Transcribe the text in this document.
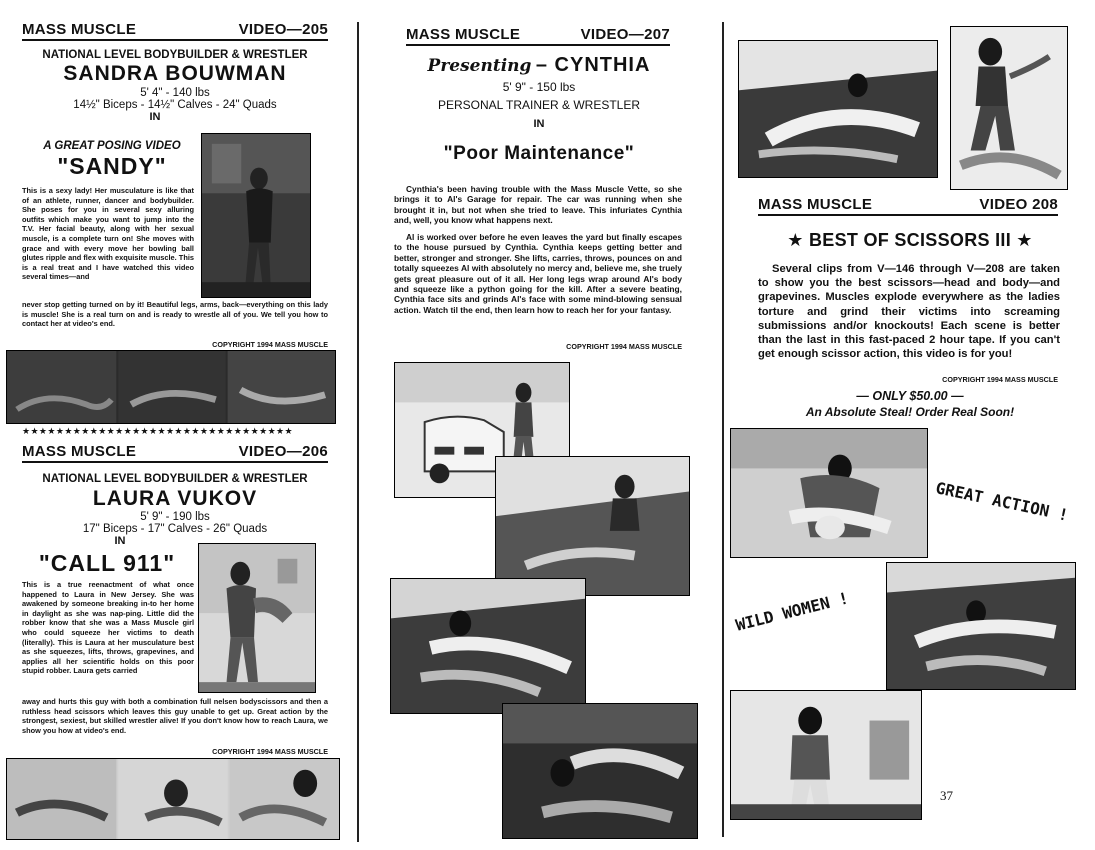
MASS MUSCLE	VIDEO—205
NATIONAL LEVEL BODYBUILDER & WRESTLER
SANDRA BOUWMAN
5' 4" - 140 lbs
14½" Biceps - 14½" Calves - 24" Quads
IN
A GREAT POSING VIDEO
"SANDY"
This is a sexy lady! Her musculature is like that of an athlete, runner, dancer and bodybuilder. She poses for you in several sexy alluring outfits which make you want to jump into the T.V. Her facial beauty, along with her sexual muscle, is a complete turn on! She moves with grace and with every move her bowling ball glutes ripple and flex with exquisite muscle. This is a real treat and I have watched this video several times—and
never stop getting turned on by it! Beautiful legs, arms, back—everything on this lady is muscle! She is a real turn on and is ready to wrestle all of you. We tell you how to contact her at video's end.
COPYRIGHT 1994 MASS MUSCLE
★★★★★★★★★★★★★★★★★★★★★★★★★★★★★★★★
MASS MUSCLE	VIDEO—206
NATIONAL LEVEL BODYBUILDER & WRESTLER
LAURA VUKOV
5' 9" - 190 lbs
17" Biceps - 17" Calves - 26" Quads
IN
"CALL 911"
This is a true reenactment of what once happened to Laura in New Jersey. She was awakened by someone breaking in-to her home in daylight as she was nap-ping. Little did the robber know that she was a Mass Muscle girl who could squeeze her victims to death (literally). This is Laura at her musculature best as she squeezes, lifts, throws, grapevines, and applies all her scientific holds on this poor stupid robber. Laura gets carried
away and hurts this guy with both a combination full nelsen bodyscissors and then a ruthless head scissors which leaves this guy unable to get up. Great action by the strongest, sexiest, but skilled wrestler alive! If you don't know how to reach Laura, we show you how at video's end.
COPYRIGHT 1994 MASS MUSCLE
MASS MUSCLE	VIDEO—207
Presenting – CYNTHIA
5' 9" - 150 lbs
PERSONAL TRAINER & WRESTLER
IN
"Poor Maintenance"
Cynthia's been having trouble with the Mass Muscle Vette, so she brings it to Al's Garage for repair. The car was running when she brought it in, but not when she tried to leave. This infuriates Cynthia and, well, you know what happens next.
Al is worked over before he even leaves the yard but finally escapes to the house pursued by Cynthia. Cynthia keeps getting better and better, stronger and stronger. She lifts, carries, throws, pounces on and totally squeezes Al with absolutely no mercy and, believe me, she truely gets great pleasure out of it all. Her long legs wrap around Al's body and squeeze like a python going for the kill. After a severe beating, Cynthia face sits and grinds Al's face with some mind-blowing sensual action. Watch til the end, then learn how to reach her for your fantasy.
COPYRIGHT 1994 MASS MUSCLE
MASS MUSCLE	VIDEO 208
★ BEST OF SCISSORS III ★
Several clips from V—146 through V—208 are taken to show you the best scissors—head and body—and grapevines. Muscles explode everywhere as the ladies torture and grind their victims into screaming submissions and/or knockouts! Each scene is better than the last in this fast-paced 2 hour tape. If you can't get enough scissor action, this video is for you!
COPYRIGHT 1994 MASS MUSCLE
— ONLY $50.00 —
An Absolute Steal! Order Real Soon!
GREAT ACTION !
WILD WOMEN !
37
